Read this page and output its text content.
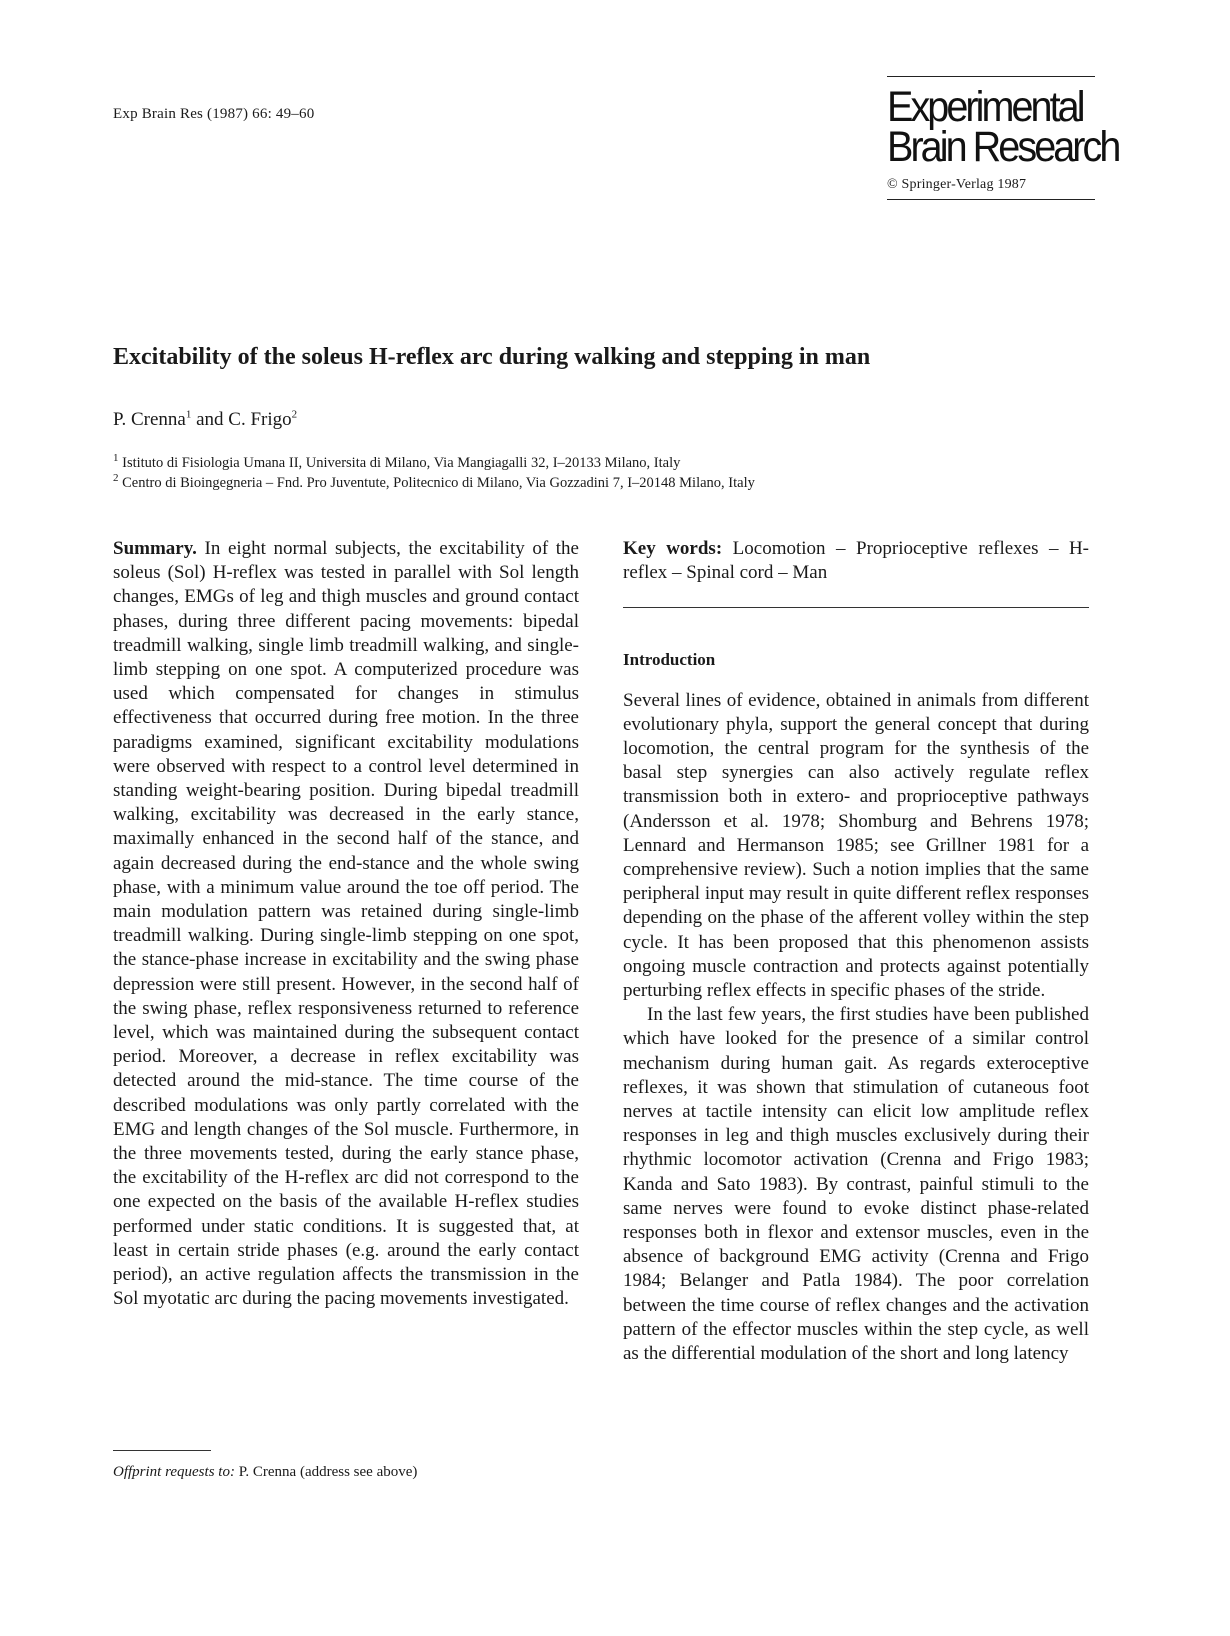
Exp Brain Res (1987) 66: 49–60	Experimental
Brain Research
© Springer-Verlag 1987
Excitability of the soleus H-reflex arc during walking and stepping in man
P. Crenna$^1$ and C. Frigo$^2$
$^1$ Istituto di Fisiologia Umana II, Universita di Milano, Via Mangiagalli 32, I–20133 Milano, Italy
$^2$ Centro di Bioingegneria – Fnd. Pro Juventute, Politecnico di Milano, Via Gozzadini 7, I–20148 Milano, Italy

Summary. In eight normal subjects, the excitability of the soleus (Sol) H-reflex was tested in parallel with Sol length changes, EMGs of leg and thigh muscles and ground contact phases, during three different pacing movements: bipedal treadmill walking, single limb treadmill walking, and single-limb stepping on one spot. A computerized procedure was used which compensated for changes in stimulus effectiveness that occurred during free motion. In the three paradigms examined, significant excitability modulations were observed with respect to a control level determined in standing weight-bearing position. During bipedal treadmill walking, excitability was decreased in the early stance, maximally enhanced in the second half of the stance, and again decreased during the end-stance and the whole swing phase, with a minimum value around the toe off period. The main modulation pattern was retained during single-limb treadmill walking. During single-limb stepping on one spot, the stance-phase increase in excitability and the swing phase depression were still present. However, in the second half of the swing phase, reflex responsiveness returned to reference level, which was maintained during the subsequent contact period. Moreover, a decrease in reflex excitability was detected around the mid-stance. The time course of the described modulations was only partly correlated with the EMG and length changes of the Sol muscle. Furthermore, in the three movements tested, during the early stance phase, the excitability of the H-reflex arc did not correspond to the one expected on the basis of the available H-reflex studies performed under static conditions. It is suggested that, at least in certain stride phases (e.g. around the early contact period), an active regulation affects the transmission in the Sol myotatic arc during the pacing movements investigated.

Key words: Locomotion – Proprioceptive reflexes – H-reflex – Spinal cord – Man

Introduction

Several lines of evidence, obtained in animals from different evolutionary phyla, support the general concept that during locomotion, the central program for the synthesis of the basal step synergies can also actively regulate reflex transmission both in extero- and proprioceptive pathways (Andersson et al. 1978; Shomburg and Behrens 1978; Lennard and Hermanson 1985; see Grillner 1981 for a comprehensive review). Such a notion implies that the same peripheral input may result in quite different reflex responses depending on the phase of the afferent volley within the step cycle. It has been proposed that this phenomenon assists ongoing muscle contraction and protects against potentially perturbing reflex effects in specific phases of the stride.

In the last few years, the first studies have been published which have looked for the presence of a similar control mechanism during human gait. As regards exteroceptive reflexes, it was shown that stimulation of cutaneous foot nerves at tactile intensity can elicit low amplitude reflex responses in leg and thigh muscles exclusively during their rhythmic locomotor activation (Crenna and Frigo 1983; Kanda and Sato 1983). By contrast, painful stimuli to the same nerves were found to evoke distinct phase-related responses both in flexor and extensor muscles, even in the absence of background EMG activity (Crenna and Frigo 1984; Belanger and Patla 1984). The poor correlation between the time course of reflex changes and the activation pattern of the effector muscles within the step cycle, as well as the differential modulation of the short and long latency

Offprint requests to: P. Crenna (address see above)
